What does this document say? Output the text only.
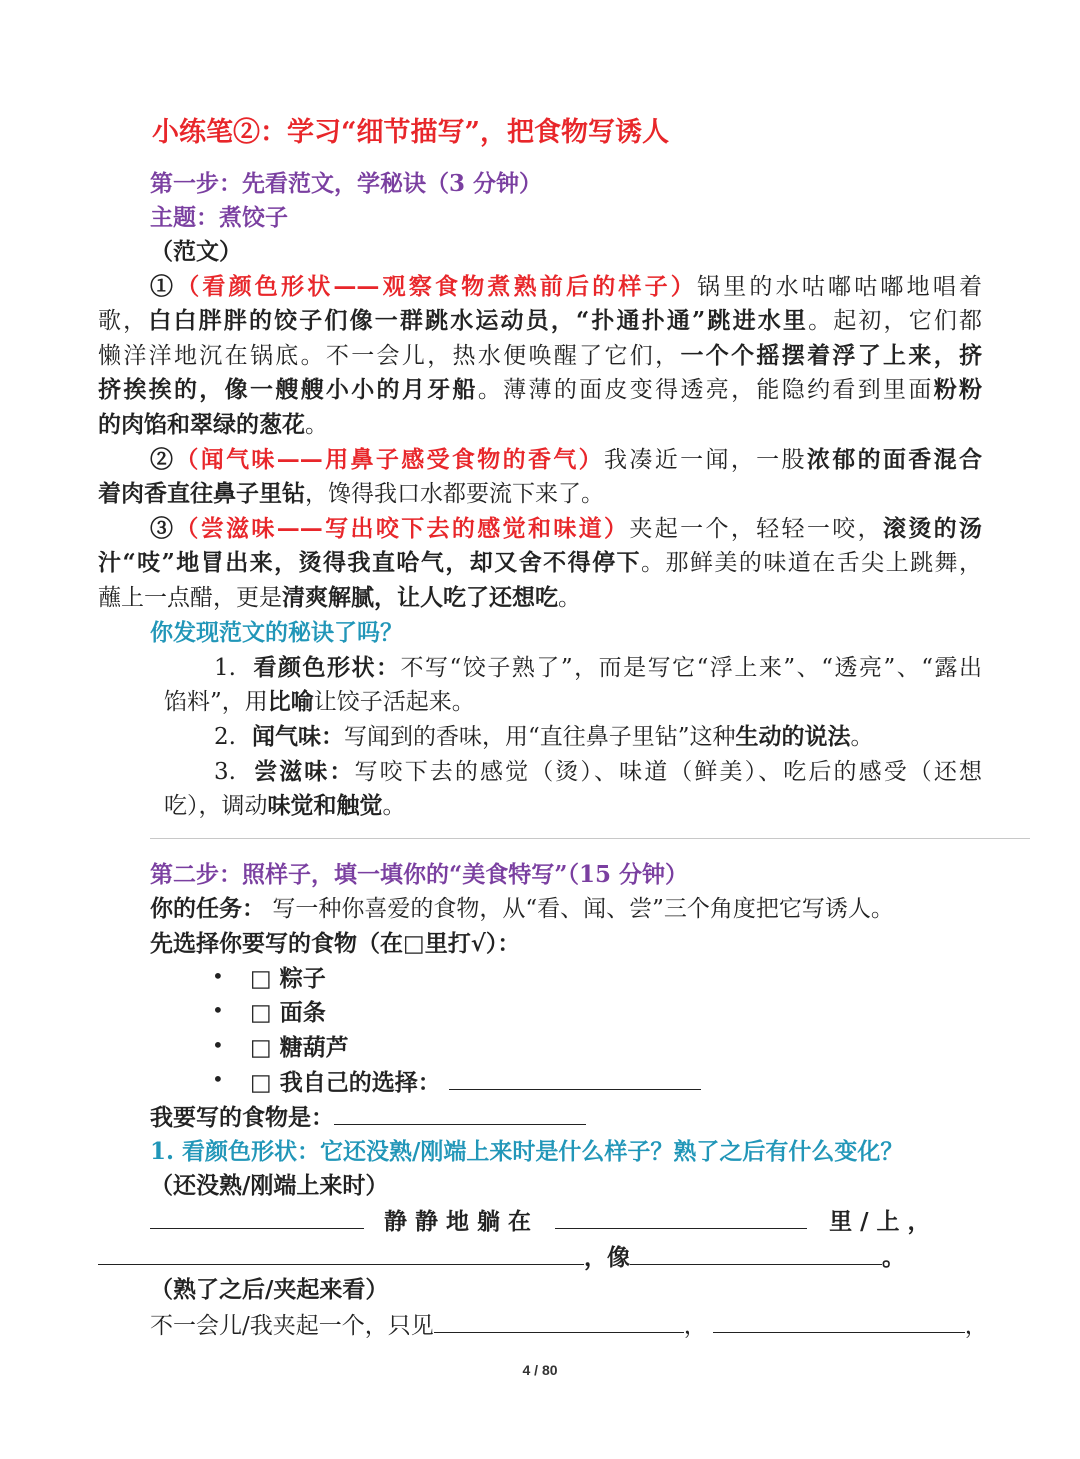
小练笔②：学习“细节描写”，把食物写诱人
第一步：先看范文，学秘诀（3 分钟）
主题：煮饺子
（范文）
①（看颜色形状——观察食物煮熟前后的样子）锅里的水咕嘟咕嘟地唱着
歌，白白胖胖的饺子们像一群跳水运动员，“扑通扑通”跳进水里。起初，它们都
懒洋洋地沉在锅底。不一会儿，热水便唤醒了它们，一个个摇摆着浮了上来，挤
挤挨挨的，像一艘艘小小的月牙船。薄薄的面皮变得透亮，能隐约看到里面粉粉
的肉馅和翠绿的葱花。
②（闻气味——用鼻子感受食物的香气）我凑近一闻，一股浓郁的面香混合
着肉香直往鼻子里钻，馋得我口水都要流下来了。
③（尝滋味——写出咬下去的感觉和味道）夹起一个，轻轻一咬，滚烫的汤
汁“吱”地冒出来，烫得我直哈气，却又舍不得停下。那鲜美的味道在舌尖上跳舞，
蘸上一点醋，更是清爽解腻，让人吃了还想吃。
你发现范文的秘诀了吗？
1. 看颜色形状：不写“饺子熟了”，而是写它“浮上来”、“透亮”、“露出
馅料”，用比喻让饺子活起来。
2. 闻气味：写闻到的香味，用“直往鼻子里钻”这种生动的说法。
3. 尝滋味：写咬下去的感觉（烫）、味道（鲜美）、吃后的感受（还想
吃），调动味觉和触觉。
第二步：照样子，填一填你的“美食特写”（15 分钟）
你的任务： 写一种你喜爱的食物，从“看、闻、尝”三个角度把它写诱人。
先选择你要写的食物（在□里打√）：
• □ 粽子
• □ 面条
• □ 糖葫芦
• □ 我自己的选择：
我要写的食物是：
1. 看颜色形状：它还没熟/刚端上来时是什么样子？熟了之后有什么变化？
（还没熟/刚端上来时）
静 静 地 躺 在	里 / 上 ，
，像	。
（熟了之后/夹起来看）
不一会儿/我夹起一个，只见	，	，
4 / 80
